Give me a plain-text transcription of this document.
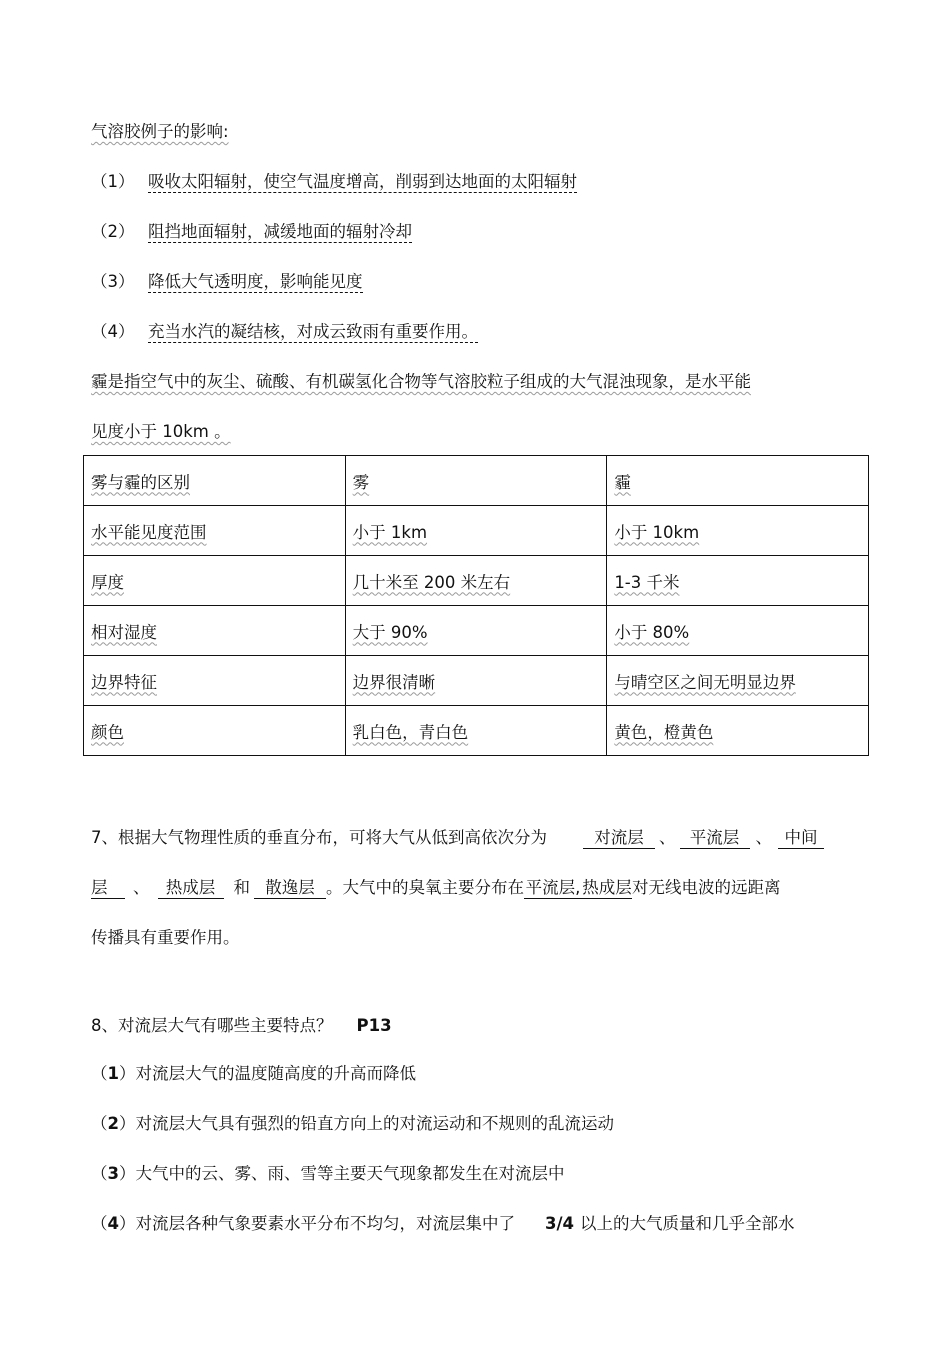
气溶胶例子的影响:
（1） 吸收太阳辐射，使空气温度增高，削弱到达地面的太阳辐射
（2） 阻挡地面辐射，减缓地面的辐射冷却
（3） 降低大气透明度，影响能见度
（4） 充当水汽的凝结核，对成云致雨有重要作用。
霾是指空气中的灰尘、硫酸、有机碳氢化合物等气溶胶粒子组成的大气混浊现象，是水平能
见度小于 10km 。
雾与霾的区别	雾	霾
水平能见度范围	小于 1km	小于 10km
厚度	几十米至 200 米左右	1-3 千米
相对湿度	大于 90%	小于 80%
边界特征	边界很清晰	与晴空区之间无明显边界
颜色	乳白色，青白色	黄色，橙黄色
7、根据大气物理性质的垂直分布，可将大气从低到高依次分为	对流层 、 平流层 、 中间
层 、 热成层 和 散逸层 。大气中的臭氧主要分布在平流层, 热成层对无线电波的远距离
传播具有重要作用。
8、对流层大气有哪些主要特点？ P13
（1）对流层大气的温度随高度的升高而降低
（2）对流层大气具有强烈的铅直方向上的对流运动和不规则的乱流运动
（3）大气中的云、雾、雨、雪等主要天气现象都发生在对流层中
（4）对流层各种气象要素水平分布不均匀，对流层集中了 3/4 以上的大气质量和几乎全部水
